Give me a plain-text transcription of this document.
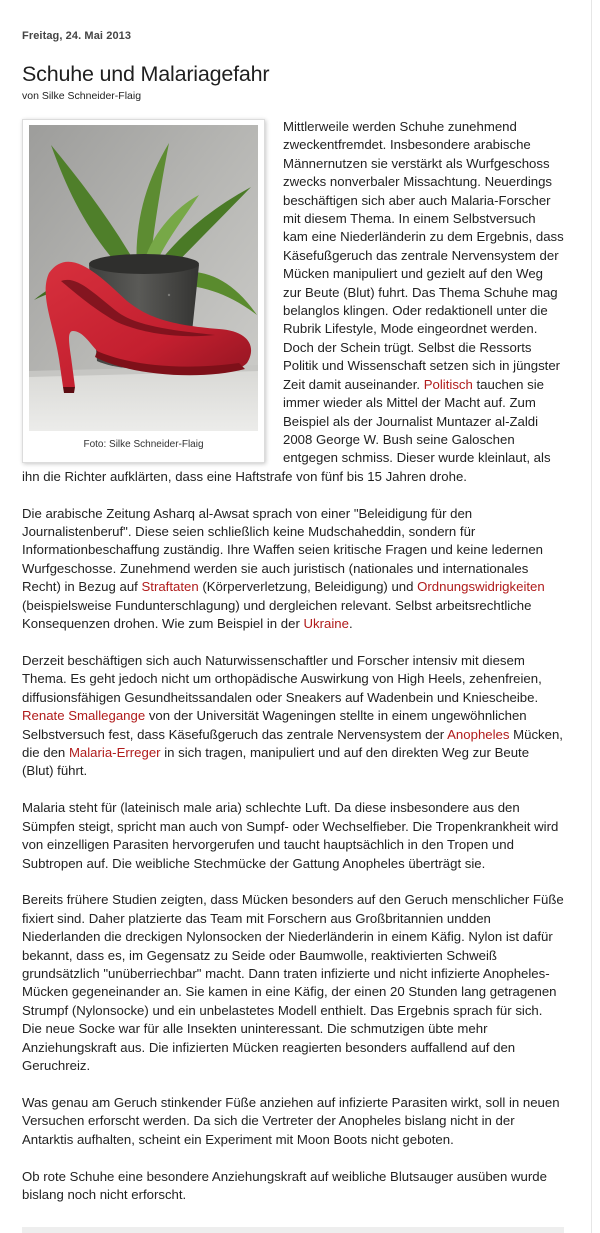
Freitag, 24. Mai 2013
Schuhe und Malariagefahr
von Silke Schneider-Flaig
Foto: Silke Schneider-Flaig

Mittlerweile werden Schuhe zunehmend zweckentfremdet. Insbesondere arabische Männernutzen sie verstärkt als Wurfgeschoss zwecks nonverbaler Missachtung. Neuerdings beschäftigen sich aber auch Malaria-Forscher mit diesem Thema. In einem Selbstversuch kam eine Niederländerin zu dem Ergebnis, dass Käsefußgeruch das zentrale Nervensystem der Mücken manipuliert und gezielt auf den Weg zur Beute (Blut) fuhrt. Das Thema Schuhe mag belanglos klingen. Oder redaktionell unter die Rubrik Lifestyle, Mode eingeordnet werden. Doch der Schein trügt. Selbst die Ressorts Politik und Wissenschaft setzen sich in jüngster Zeit damit auseinander. Politisch tauchen sie immer wieder als Mittel der Macht auf. Zum Beispiel als der Journalist Muntazer al-Zaldi 2008 George W. Bush seine Galoschen entgegen schmiss. Dieser wurde kleinlaut, als ihn die Richter aufklärten, dass eine Haftstrafe von fünf bis 15 Jahren drohe.

Die arabische Zeitung Asharq al-Awsat sprach von einer "Beleidigung für den Journalistenberuf". Diese seien schließlich keine Mudschaheddin, sondern für Informationbeschaffung zuständig. Ihre Waffen seien kritische Fragen und keine ledernen Wurfgeschosse. Zunehmend werden sie auch juristisch (nationales und internationales Recht) in Bezug auf Straftaten (Körperverletzung, Beleidigung) und Ordnungswidrigkeiten (beispielsweise Fundunterschlagung) und dergleichen relevant. Selbst arbeitsrechtliche Konsequenzen drohen. Wie zum Beispiel in der Ukraine.

Derzeit beschäftigen sich auch Naturwissenschaftler und Forscher intensiv mit diesem Thema. Es geht jedoch nicht um orthopädische Auswirkung von High Heels, zehenfreien, diffusionsfähigen Gesundheitssandalen oder Sneakers auf Wadenbein und Kniescheibe. Renate Smallegange von der Universität Wageningen stellte in einem ungewöhnlichen Selbstversuch fest, dass Käsefußgeruch das zentrale Nervensystem der Anopheles Mücken, die den Malaria-Erreger in sich tragen, manipuliert und auf den direkten Weg zur Beute (Blut) führt.

Malaria steht für (lateinisch male aria) schlechte Luft. Da diese insbesondere aus den Sümpfen steigt, spricht man auch von Sumpf- oder Wechselfieber. Die Tropenkrankheit wird von einzelligen Parasiten hervorgerufen und taucht hauptsächlich in den Tropen und Subtropen auf. Die weibliche Stechmücke der Gattung Anopheles überträgt sie.

Bereits frühere Studien zeigten, dass Mücken besonders auf den Geruch menschlicher Füße fixiert sind. Daher platzierte das Team mit Forschern aus Großbritannien undden Niederlanden die dreckigen Nylonsocken der Niederländerin in einem Käfig. Nylon ist dafür bekannt, dass es, im Gegensatz zu Seide oder Baumwolle, reaktivierten Schweiß grundsätzlich "unüberriechbar" macht. Dann traten infizierte und nicht infizierte Anopheles-Mücken gegeneinander an. Sie kamen in eine Käfig, der einen 20 Stunden lang getragenen Strumpf (Nylonsocke) und ein unbelastetes Modell enthielt. Das Ergebnis sprach für sich. Die neue Socke war für alle Insekten uninteressant. Die schmutzigen übte mehr Anziehungskraft aus. Die infizierten Mücken reagierten besonders auffallend auf den Geruchreiz.

Was genau am Geruch stinkender Füße anziehen auf infizierte Parasiten wirkt, soll in neuen Versuchen erforscht werden. Da sich die Vertreter der Anopheles bislang nicht in der Antarktis aufhalten, scheint ein Experiment mit Moon Boots nicht geboten.

Ob rote Schuhe eine besondere Anziehungskraft auf weibliche Blutsauger ausüben wurde bislang noch nicht erforscht.
